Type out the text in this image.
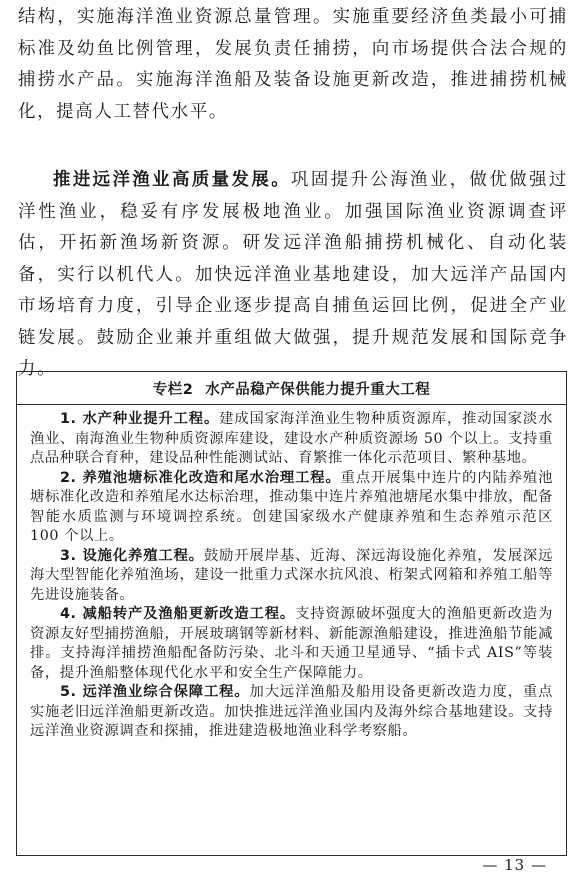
结构，实施海洋渔业资源总量管理。实施重要经济鱼类最小可捕标准及幼鱼比例管理，发展负责任捕捞，向市场提供合法合规的捕捞水产品。实施海洋渔船及装备设施更新改造，推进捕捞机械化，提高人工替代水平。

推进远洋渔业高质量发展。巩固提升公海渔业，做优做强过洋性渔业，稳妥有序发展极地渔业。加强国际渔业资源调查评估，开拓新渔场新资源。研发远洋渔船捕捞机械化、自动化装备，实行以机代人。加快远洋渔业基地建设，加大远洋产品国内市场培育力度，引导企业逐步提高自捕鱼运回比例，促进全产业链发展。鼓励企业兼并重组做大做强，提升规范发展和国际竞争力。

专栏2 水产品稳产保供能力提升重大工程

1. 水产种业提升工程。建成国家海洋渔业生物种质资源库，推动国家淡水渔业、南海渔业生物种质资源库建设，建设水产种质资源场 50 个以上。支持重点品种联合育种，建设品种性能测试站、育繁推一体化示范项目、繁种基地。

2. 养殖池塘标准化改造和尾水治理工程。重点开展集中连片的内陆养殖池塘标准化改造和养殖尾水达标治理，推动集中连片养殖池塘尾水集中排放，配备智能水质监测与环境调控系统。创建国家级水产健康养殖和生态养殖示范区 100 个以上。

3. 设施化养殖工程。鼓励开展岸基、近海、深远海设施化养殖，发展深远海大型智能化养殖渔场，建设一批重力式深水抗风浪、桁架式网箱和养殖工船等先进设施装备。

4. 减船转产及渔船更新改造工程。支持资源破坏强度大的渔船更新改造为资源友好型捕捞渔船，开展玻璃钢等新材料、新能源渔船建设，推进渔船节能减排。支持海洋捕捞渔船配备防污染、北斗和天通卫星通导、“插卡式 AIS”等装备，提升渔船整体现代化水平和安全生产保障能力。

5. 远洋渔业综合保障工程。加大远洋渔船及船用设备更新改造力度，重点实施老旧远洋渔船更新改造。加快推进远洋渔业国内及海外综合基地建设。支持远洋渔业资源调查和探捕，推进建造极地渔业科学考察船。

— 13 —
